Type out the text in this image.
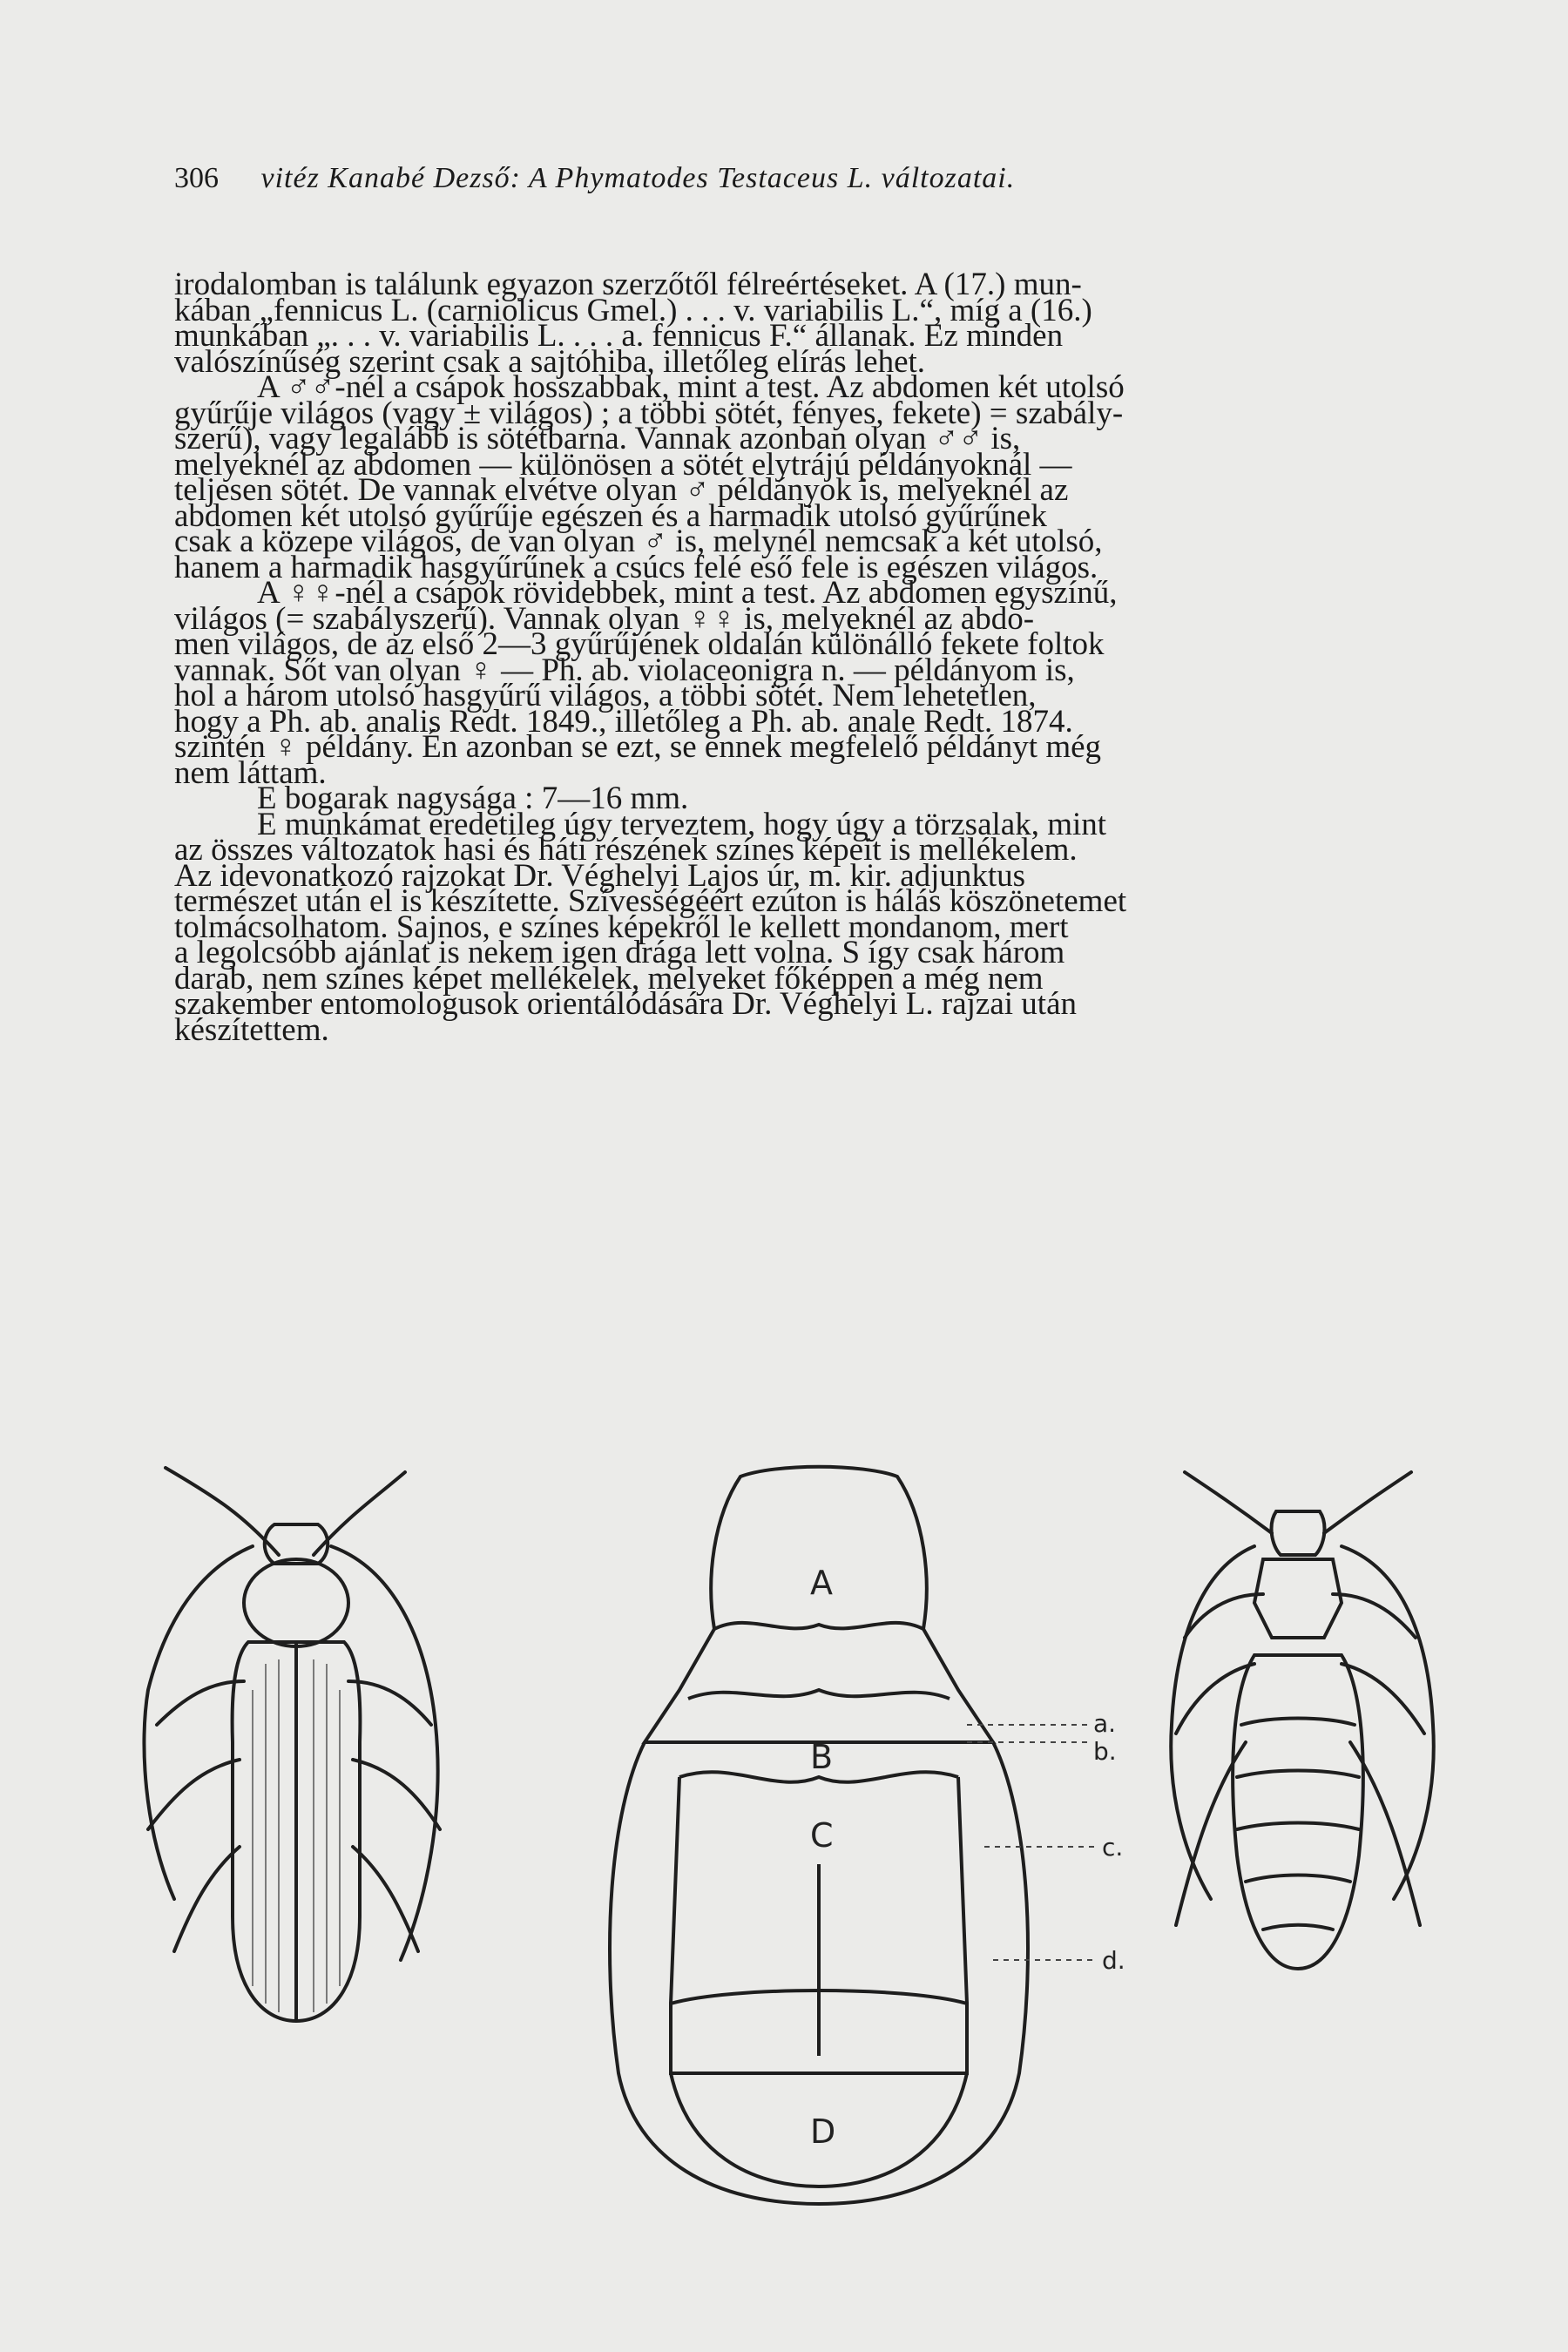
306 vitéz Kanabé Dezső: A Phymatodes Testaceus L. változatai.

irodalomban is találunk egyazon szerzőtől félreértéseket. A (17.) mun-
kában „fennicus L. (carniolicus Gmel.) . . . v. variabilis L.“, míg a (16.)
munkában „. . . v. variabilis L. . . . a. fennicus F.“ állanak. Ez minden
valószínűség szerint csak a sajtóhiba, illetőleg elírás lehet.

A ♂♂-nél a csápok hosszabbak, mint a test. Az abdomen két utolsó
gyűrűje világos (vagy ± világos) ; a többi sötét, fényes, fekete) = szabály-
szerű), vagy legalább is sötétbarna. Vannak azonban olyan ♂♂ is,
melyeknél az abdomen — különösen a sötét elytrájú példányoknál —
teljesen sötét. De vannak elvétve olyan ♂ példányok is, melyeknél az
abdomen két utolsó gyűrűje egészen és a harmadik utolsó gyűrűnek
csak a közepe világos, de van olyan ♂ is, melynél nemcsak a két utolsó,
hanem a harmadik hasgyűrűnek a csúcs felé eső fele is egészen világos.

A ♀♀-nél a csápok rövidebbek, mint a test. Az abdomen egyszínű,
világos (= szabályszerű). Vannak olyan ♀♀ is, melyeknél az abdo-
men világos, de az első 2—3 gyűrűjének oldalán különálló fekete foltok
vannak. Sőt van olyan ♀ — Ph. ab. violaceonigra n. — példányom is,
hol a három utolsó hasgyűrű világos, a többi sötét. Nem lehetetlen,
hogy a Ph. ab. analis Redt. 1849., illetőleg a Ph. ab. anale Redt. 1874.
szintén ♀ példány. Én azonban se ezt, se ennek megfelelő példányt még
nem láttam.

E bogarak nagysága : 7—16 mm.

E munkámat eredetileg úgy terveztem, hogy úgy a törzsalak, mint
az összes változatok hasi és háti részének színes képeit is mellékelem.
Az idevonatkozó rajzokat Dr. Véghelyi Lajos úr, m. kir. adjunktus
természet után el is készítette. Szívességéért ezúton is hálás köszönetemet
tolmácsolhatom. Sajnos, e színes képekről le kellett mondanom, mert
a legolcsóbb ajánlat is nekem igen drága lett volna. S így csak három
darab, nem színes képet mellékelek, melyeket főképpen a még nem
szakember entomologusok orientálódására Dr. Véghelyi L. rajzai után
készítettem.

A
B
C
D
a.
b.
c.
d.
